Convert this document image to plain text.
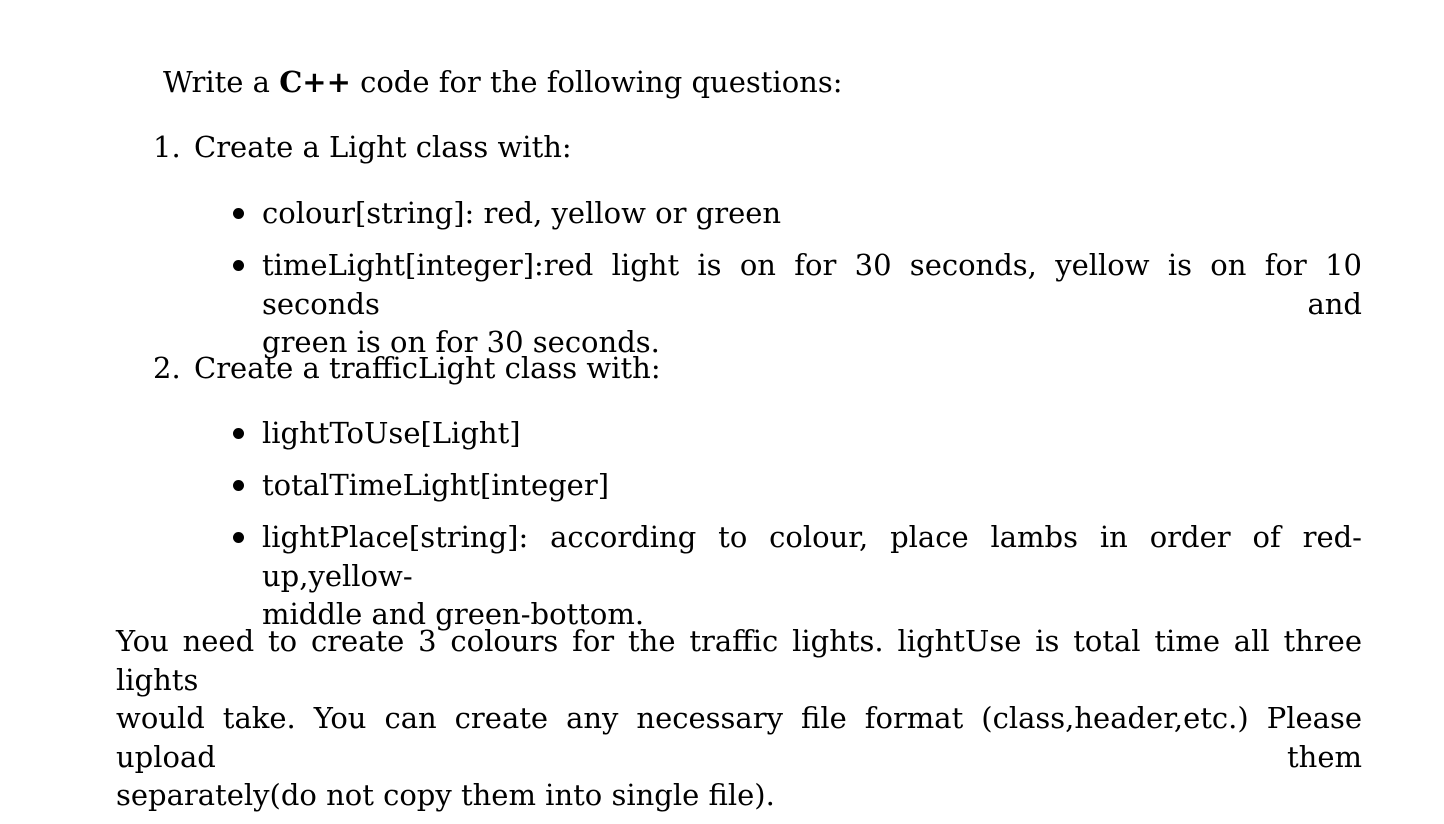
Write a C++ code for the following questions:
1. Create a Light class with:
colour[string]: red, yellow or green
timeLight[integer]:red light is on for 30 seconds, yellow is on for 10 seconds and
green is on for 30 seconds.
2. Create a trafficLight class with:
lightToUse[Light]
totalTimeLight[integer]
lightPlace[string]: according to colour, place lambs in order of red-up,yellow-
middle and green-bottom.
You need to create 3 colours for the traffic lights. lightUse is total time all three lights
would take. You can create any necessary file format (class,header,etc.) Please upload them
separately(do not copy them into single file).
